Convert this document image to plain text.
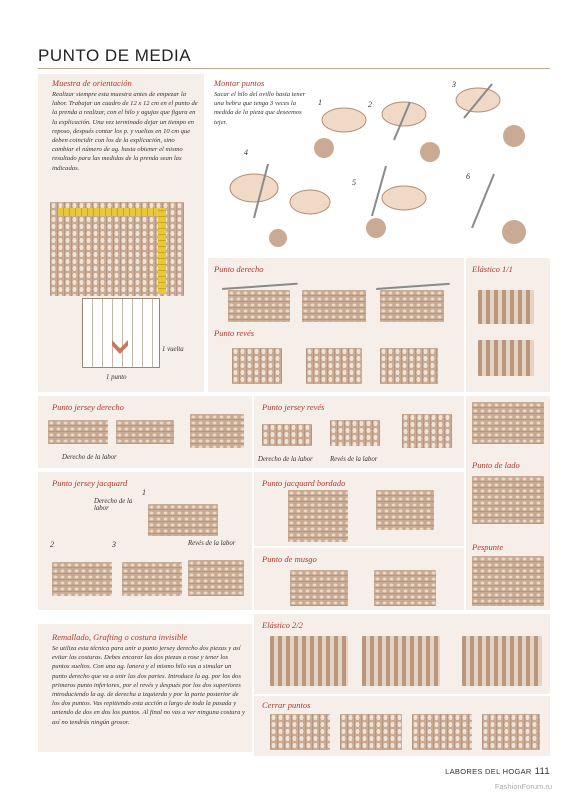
PUNTO DE MEDIA
Muestra de orientación
Realizar siempre esta muestra antes de empezar la labor. Trabajar un cuadro de 12 x 12 cm en el punto de la prenda a realizar, con el hilo y agujas que figura en la explicación. Una vez terminado dejar un tiempo en reposo, después contar los p. y vueltas en 10 cm que deben coincidir con los de la explicación, sino cambiar el número de ag. hasta obtener el mismo resultado para las medidas de la prenda sean las indicadas.
1 vuelta
1 punto
Montar puntos
Sacar el hilo del ovillo hasta tener una hebra que tenga 3 veces la medida de la pieza que deseemos tejer.
1	2
3
4
5
6
Punto derecho
Punto revés
Elástico 1/1
Punto jersey derecho
Derecho de la labor
Punto jersey revés
Derecho de la labor	Revés de la labor
Punto de lado
Pespunte
Punto jersey jacquard
Derecho de la labor
1
Revés de la labor
2	3
Punto jacquard bordado
Punto de musgo
Remallado, Grafting o costura invisible
Se utiliza esta técnica para unir a punto jersey derecho dos piezas y así evitar las costuras. Debes encarar las dos piezas a rose y tener los puntos sueltos. Con una ag. lanera y el mismo hilo vas a simular un punto derecho que va a unir las dos partes. Introduce la ag. por los dos primeros punto inferiores, por el revés y después por los dos superiores introduciendo la ag. de derecha a izquierda y por la parte posterior de los dos puntos. Vas repitiendo esta acción a largo de toda la pasada y uniendo de dos en dos los puntos. Al final no vas a ver ninguna costura y así no tendrás ningún grosor.
Elástico 2/2
Cerrar puntos
LABORES DEL HOGAR 111
FashionForum.ru
